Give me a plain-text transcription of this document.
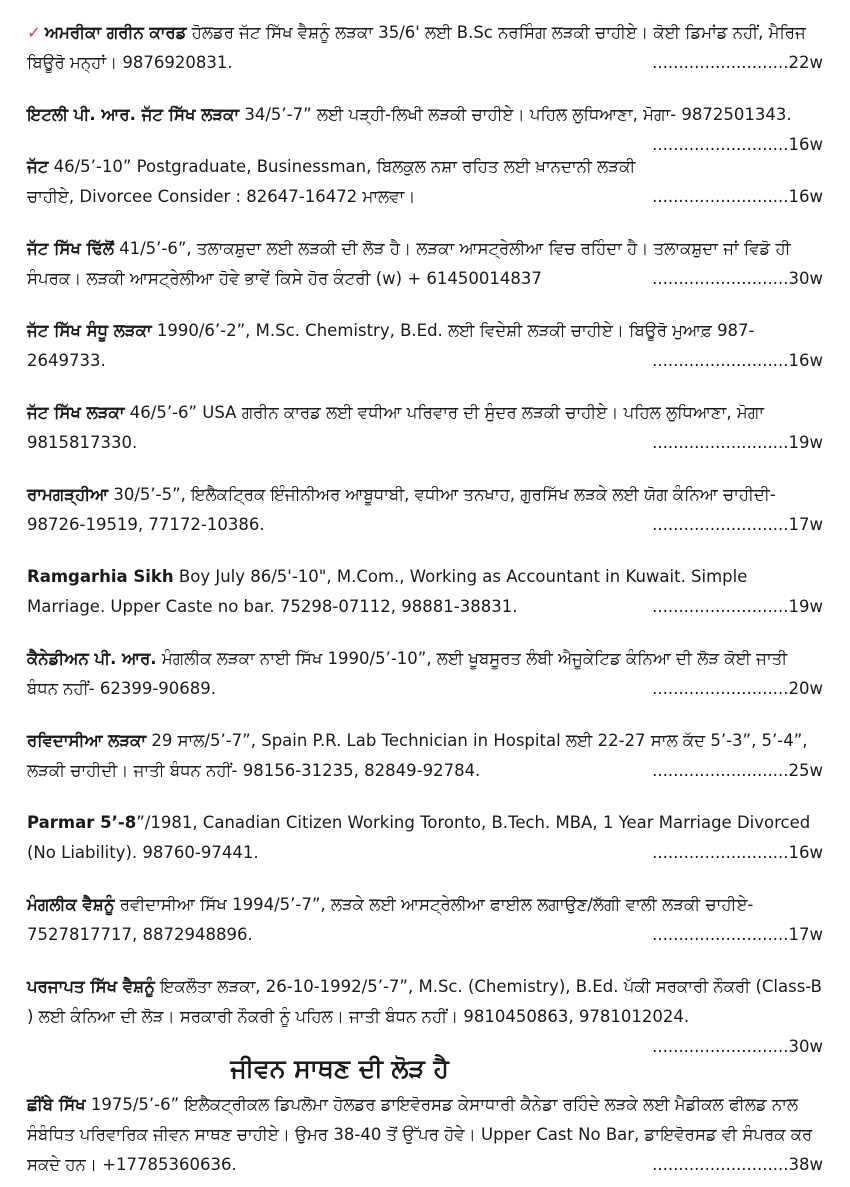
✓ ਅਮਰੀਕਾ ਗਰੀਨ ਕਾਰਡ ਹੋਲਡਰ ਜੱਟ ਸਿੱਖ ਵੈਸ਼ਨੂੰ ਲੜਕਾ 35/6' ਲਈ B.Sc ਨਰਸਿੰਗ ਲੜਕੀ ਚਾਹੀਏ। ਕੋਈ ਡਿਮਾਂਡ ਨਹੀਂ, ਮੈਰਿਜ ਬਿਊਰੋ ਮਨ੍ਹਾਂ। 9876920831.	..........................22w

ਇਟਲੀ ਪੀ. ਆਰ. ਜੱਟ ਸਿੱਖ ਲੜਕਾ 34/5’-7” ਲਈ ਪੜ੍ਹੀ-ਲਿਖੀ ਲੜਕੀ ਚਾਹੀਏ। ਪਹਿਲ ਲੁਧਿਆਣਾ, ਮੋਗਾ- 9872501343.
..........................16w

ਜੱਟ 46/5’-10” Postgraduate, Businessman, ਬਿਲਕੁਲ ਨਸ਼ਾ ਰਹਿਤ ਲਈ ਖ਼ਾਨਦਾਨੀ ਲੜਕੀ ਚਾਹੀਏ, Divorcee Consider : 82647-16472 ਮਾਲਵਾ।	..........................16w

ਜੱਟ ਸਿੱਖ ਢਿੱਲੋਂ 41/5’-6”, ਤਲਾਕਸ਼ੁਦਾ ਲਈ ਲੜਕੀ ਦੀ ਲੋੜ ਹੈ। ਲੜਕਾ ਆਸਟ੍ਰੇਲੀਆ ਵਿਚ ਰਹਿੰਦਾ ਹੈ। ਤਲਾਕਸ਼ੁਦਾ ਜਾਂ ਵਿਡੋ ਹੀ ਸੰਪਰਕ। ਲੜਕੀ ਆਸਟ੍ਰੇਲੀਆ ਹੋਵੇ ਭਾਵੇਂ ਕਿਸੇ ਹੋਰ ਕੰਟਰੀ (w) + 61450014837	..........................30w

ਜੱਟ ਸਿੱਖ ਸੰਧੂ ਲੜਕਾ 1990/6’-2”, M.Sc. Chemistry, B.Ed. ਲਈ ਵਿਦੇਸ਼ੀ ਲੜਕੀ ਚਾਹੀਏ। ਬਿਊਰੋ ਮੁਆਫ਼ 987- 2649733.	..........................16w

ਜੱਟ ਸਿੱਖ ਲੜਕਾ 46/5’-6” USA ਗਰੀਨ ਕਾਰਡ ਲਈ ਵਧੀਆ ਪਰਿਵਾਰ ਦੀ ਸੁੰਦਰ ਲੜਕੀ ਚਾਹੀਏ। ਪਹਿਲ ਲੁਧਿਆਣਾ, ਮੋਗਾ 9815817330.	..........................19w

ਰਾਮਗੜ੍ਹੀਆ 30/5’-5”, ਇਲੈਕਟ੍ਰਿਕ ਇੰਜੀਨੀਅਰ ਆਬੂਧਾਬੀ, ਵਧੀਆ ਤਨਖਾਹ, ਗੁਰਸਿੱਖ ਲੜਕੇ ਲਈ ਯੋਗ ਕੰਨਿਆ ਚਾਹੀਦੀ- 98726-19519, 77172-10386.	..........................17w

Ramgarhia Sikh Boy July 86/5'-10", M.Com., Working as Accountant in Kuwait. Simple Marriage. Upper Caste no bar. 75298-07112, 98881-38831.	..........................19w

ਕੈਨੇਡੀਅਨ ਪੀ. ਆਰ. ਮੰਗਲੀਕ ਲੜਕਾ ਨਾਈ ਸਿੱਖ 1990/5’-10”, ਲਈ ਖੂਬਸੂਰਤ ਲੰਬੀ ਐਜੂਕੇਟਿਡ ਕੰਨਿਆ ਦੀ ਲੋੜ ਕੋਈ ਜਾਤੀ ਬੰਧਨ ਨਹੀਂ- 62399-90689.	..........................20w

ਰਵਿਦਾਸੀਆ ਲੜਕਾ 29 ਸਾਲ/5’-7”, Spain P.R. Lab Technician in Hospital ਲਈ 22-27 ਸਾਲ ਕੱਦ 5’-3”, 5’-4”, ਲੜਕੀ ਚਾਹੀਦੀ। ਜਾਤੀ ਬੰਧਨ ਨਹੀਂ- 98156-31235, 82849-92784.	..........................25w

Parmar 5’-8”/1981, Canadian Citizen Working Toronto, B.Tech. MBA, 1 Year Marriage Divorced (No Liability). 98760-97441.	..........................16w

ਮੰਗਲੀਕ ਵੈਸ਼ਨੂੰ ਰਵੀਦਾਸੀਆ ਸਿੱਖ 1994/5’-7”, ਲੜਕੇ ਲਈ ਆਸਟ੍ਰੇਲੀਆ ਫਾਈਲ ਲਗਾਉਣ/ਲੱਗੀ ਵਾਲੀ ਲੜਕੀ ਚਾਹੀਏ- 7527817717, 8872948896.	..........................17w

ਪਰਜਾਪਤ ਸਿੱਖ ਵੈਸ਼ਨੂੰ ਇਕਲੌਤਾ ਲੜਕਾ, 26-10-1992/5’-7”, M.Sc. (Chemistry), B.Ed. ਪੱਕੀ ਸਰਕਾਰੀ ਨੌਕਰੀ (Class-B ) ਲਈ ਕੰਨਿਆ ਦੀ ਲੋੜ। ਸਰਕਾਰੀ ਨੌਕਰੀ ਨੂੰ ਪਹਿਲ। ਜਾਤੀ ਬੰਧਨ ਨਹੀਂ। 9810450863, 9781012024.
..........................30w

ਜੀਵਨ ਸਾਥਣ ਦੀ ਲੋੜ ਹੈ

ਛੀਂਬੇ ਸਿੱਖ 1975/5’-6” ਇਲੈਕਟ੍ਰੀਕਲ ਡਿਪਲੋਮਾ ਹੋਲਡਰ ਡਾਇਵੋਰਸਡ ਕੇਸਾਧਾਰੀ ਕੈਨੇਡਾ ਰਹਿੰਦੇ ਲੜਕੇ ਲਈ ਮੈਡੀਕਲ ਫੀਲਡ ਨਾਲ ਸੰਬੰਧਿਤ ਪਰਿਵਾਰਿਕ ਜੀਵਨ ਸਾਥਣ ਚਾਹੀਏ। ਉਮਰ 38-40 ਤੋਂ ਉੱਪਰ ਹੋਵੇ। Upper Cast No Bar, ਡਾਇਵੋਰਸਡ ਵੀ ਸੰਪਰਕ ਕਰ ਸਕਦੇ ਹਨ। +17785360636.	..........................38w
